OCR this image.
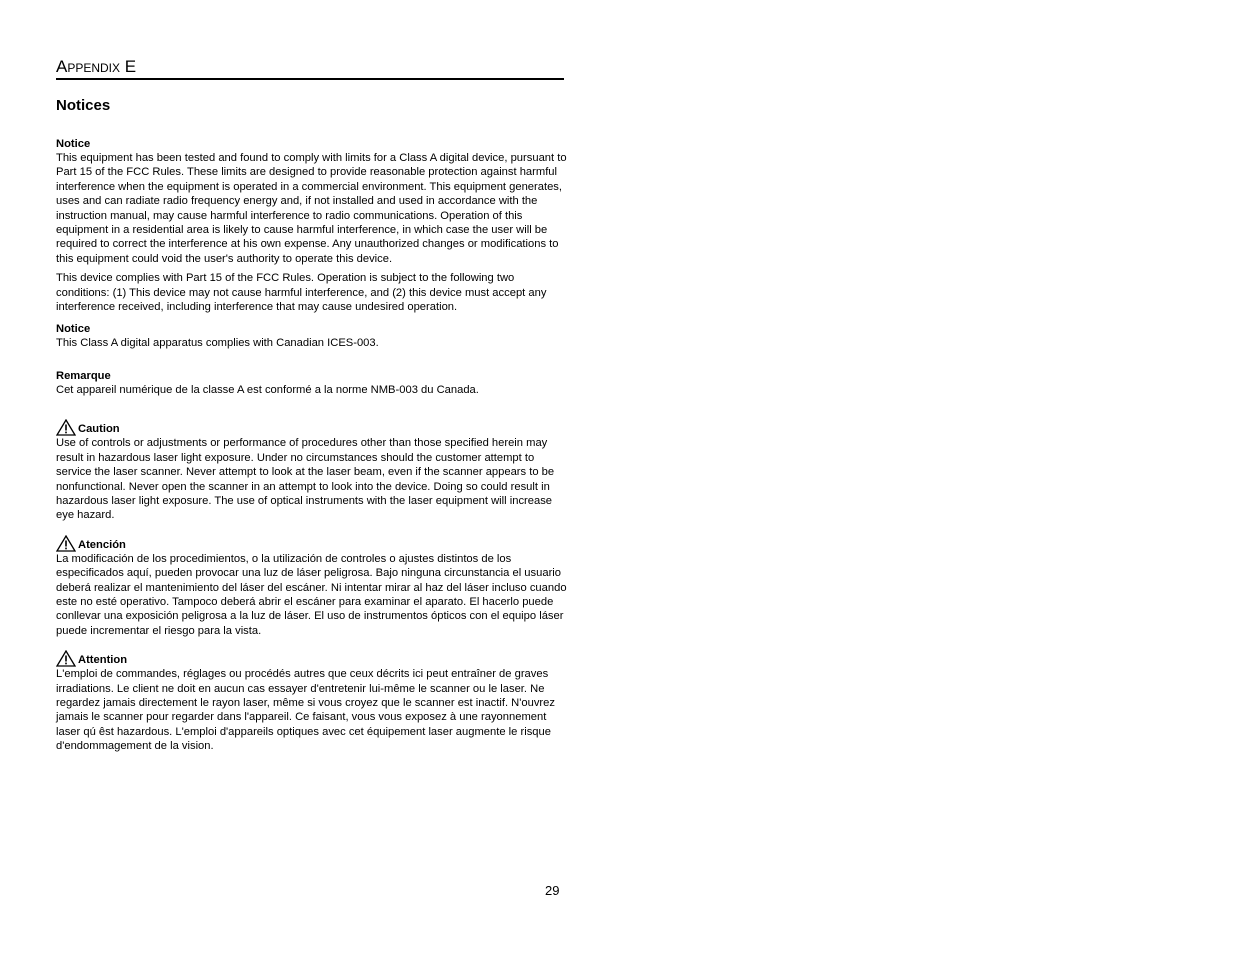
Appendix E
Notices
Notice

This equipment has been tested and found to comply with limits for a Class A digital device, pursuant to Part 15 of the FCC Rules. These limits are designed to provide reasonable protection against harmful interference when the equipment is operated in a commercial environment. This equipment generates, uses and can radiate radio frequency energy and, if not installed and used in accordance with the instruction manual, may cause harmful interference to radio communications. Operation of this equipment in a residential area is likely to cause harmful interference, in which case the user will be required to correct the interference at his own expense. Any unauthorized changes or modifications to this equipment could void the user's authority to operate this device.

This device complies with Part 15 of the FCC Rules. Operation is subject to the following two conditions: (1) This device may not cause harmful interference, and (2) this device must accept any interference received, including interference that may cause undesired operation.

Notice

This Class A digital apparatus complies with Canadian ICES-003.

Remarque

Cet appareil numérique de la classe A est conformé a la norme NMB-003 du Canada.

Caution

Use of controls or adjustments or performance of procedures other than those specified herein may result in hazardous laser light exposure. Under no circumstances should the customer attempt to service the laser scanner. Never attempt to look at the laser beam, even if the scanner appears to be nonfunctional. Never open the scanner in an attempt to look into the device. Doing so could result in hazardous laser light exposure. The use of optical instruments with the laser equipment will increase eye hazard.

Atención

La modificación de los procedimientos, o la utilización de controles o ajustes distintos de los especificados aquí, pueden provocar una luz de láser peligrosa. Bajo ninguna circunstancia el usuario deberá realizar el mantenimiento del láser del escáner. Ni intentar mirar al haz del láser incluso cuando este no esté operativo. Tampoco deberá abrir el escáner para examinar el aparato. El hacerlo puede conllevar una exposición peligrosa a la luz de láser. El uso de instrumentos ópticos con el equipo láser puede incrementar el riesgo para la vista.

Attention

L'emploi de commandes, réglages ou procédés autres que ceux décrits ici peut entraîner de graves irradiations. Le client ne doit en aucun cas essayer d'entretenir lui-même le scanner ou le laser. Ne regardez jamais directement le rayon laser, même si vous croyez que le scanner est inactif. N'ouvrez jamais le scanner pour regarder dans l'appareil. Ce faisant, vous vous exposez à une rayonnement laser qú êst hazardous. L'emploi d'appareils optiques avec cet équipement laser augmente le risque d'endommagement de la vision.

29
